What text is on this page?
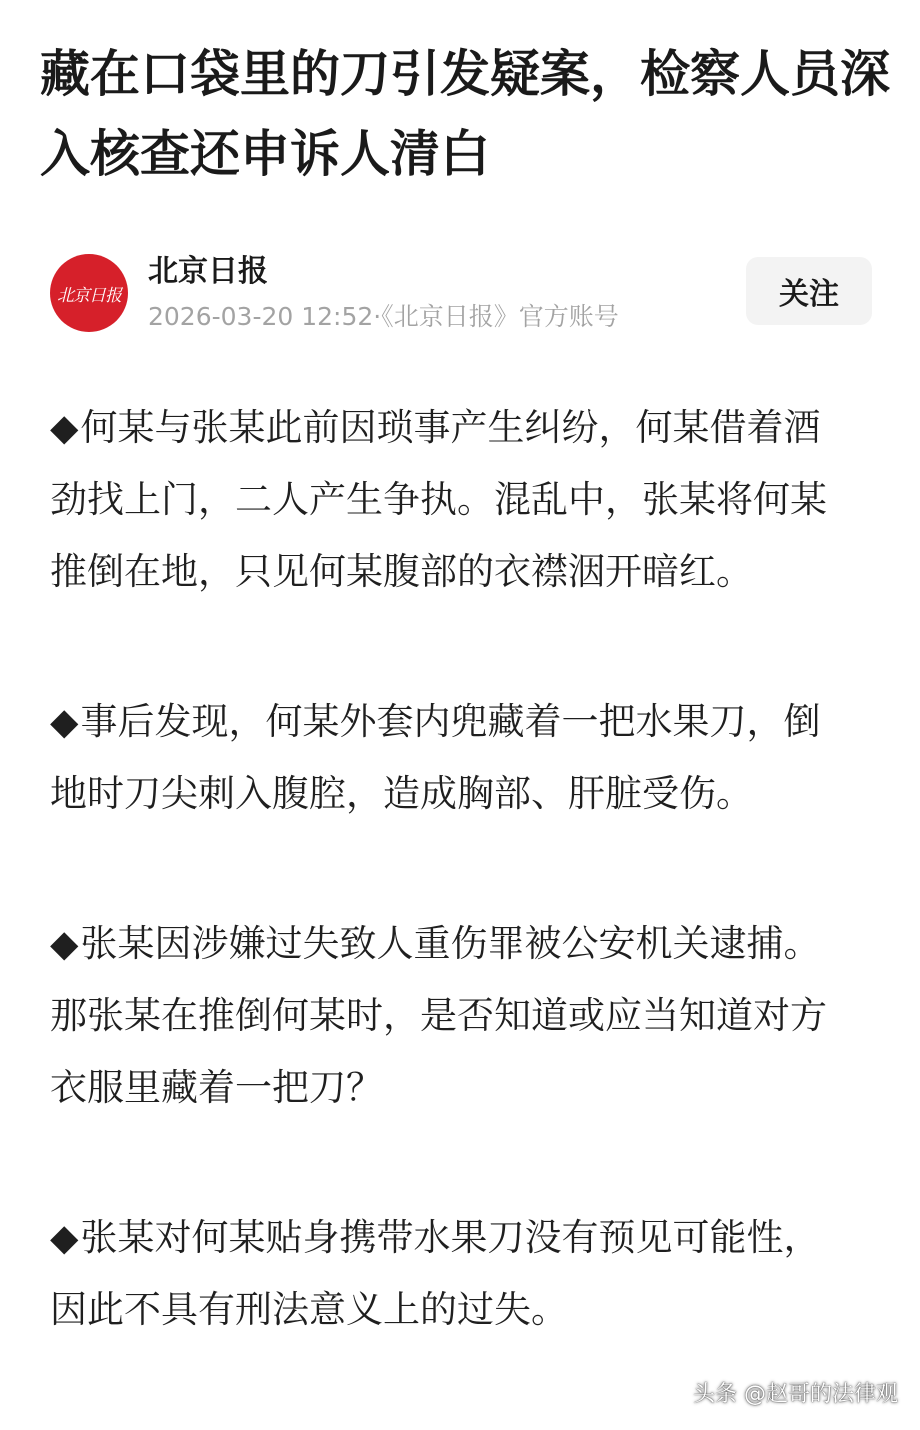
藏在口袋里的刀引发疑案，检察人员深入核查还申诉人清白
北京日报
北京日报
2026-03-20 12:52·《北京日报》官方账号
关注

◆何某与张某此前因琐事产生纠纷，何某借着酒劲找上门，二人产生争执。混乱中，张某将何某推倒在地，只见何某腹部的衣襟洇开暗红。

◆事后发现，何某外套内兜藏着一把水果刀，倒地时刀尖刺入腹腔，造成胸部、肝脏受伤。

◆张某因涉嫌过失致人重伤罪被公安机关逮捕。那张某在推倒何某时，是否知道或应当知道对方衣服里藏着一把刀？

◆张某对何某贴身携带水果刀没有预见可能性，因此不具有刑法意义上的过失。

头条 @赵哥的法律观
